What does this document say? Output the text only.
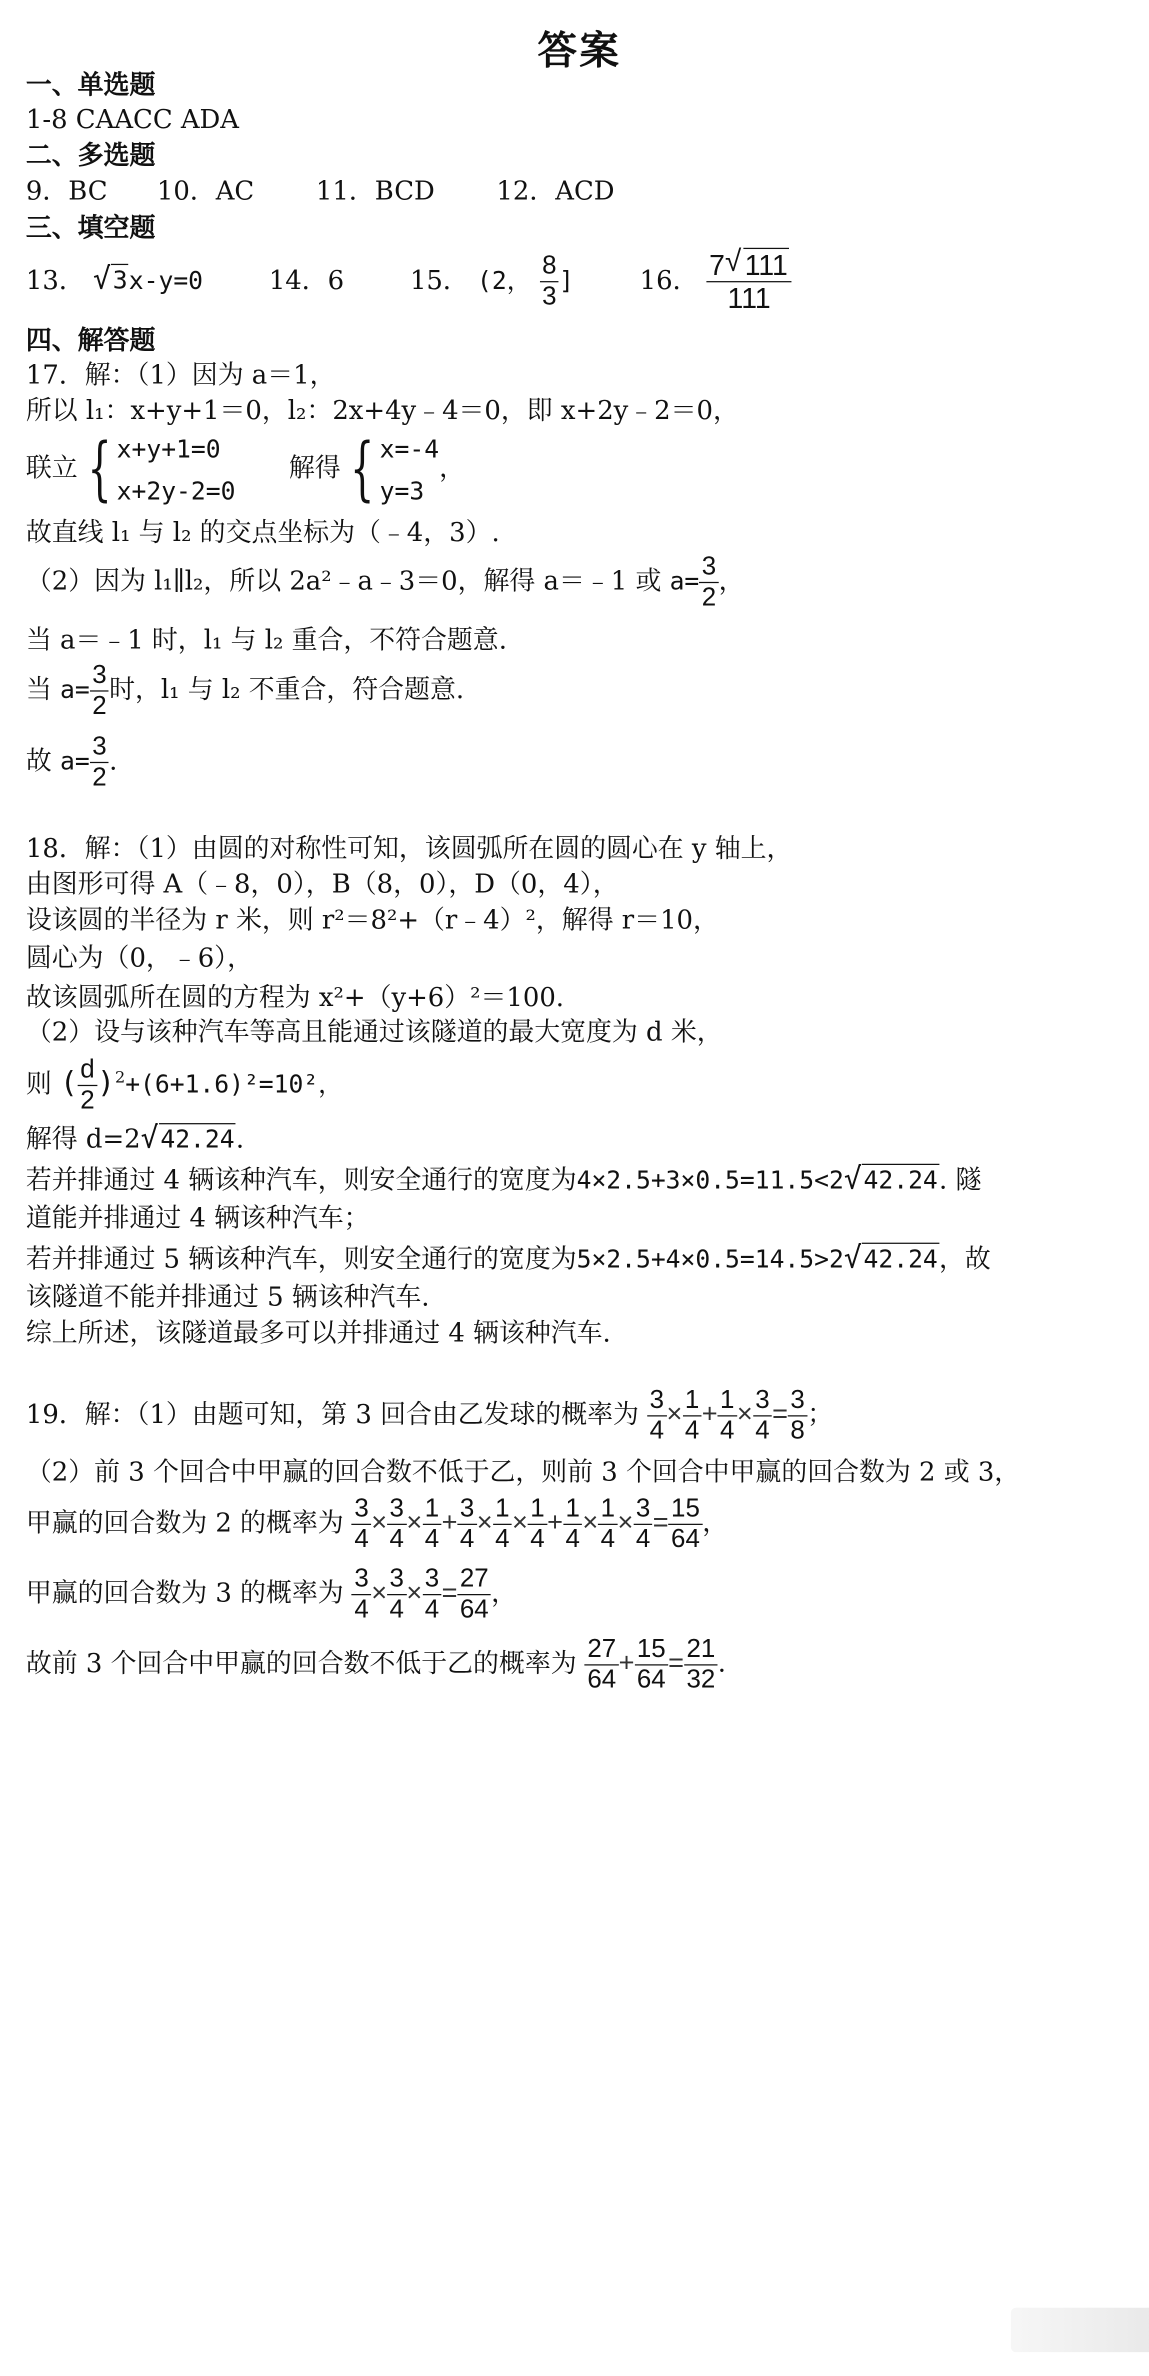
答案
一、单选题
1-8 CAACC ADA
二、多选题
9．BC 10．AC	11．BCD	12．ACD
三、填空题
13． √ 3x-y=0	14．6	15． (2， $\frac{8}{3}$ ]	16． $\frac{7 √ 111}{111}$
四、解答题
17．解：（1）因为 a＝1，
所以 l₁：x+y+1＝0，l₂：2x+4y﹣4＝0，即 x+2y﹣2＝0，
联立 { x+y+1=0
x+2y-2=0
解得 { x=-4
y=3
，
故直线 l₁ 与 l₂ 的交点坐标为（﹣4，3）.
（2）因为 l₁∥l₂，所以 2a²﹣a﹣3＝0，解得 a＝﹣1 或 $a= \frac{3}{2}$ ，
当 a＝﹣1 时，l₁ 与 l₂ 重合，不符合题意.
当 $a= \frac{3}{2}$ 时，l₁ 与 l₂ 不重合，符合题意.
故 $a= \frac{3}{2}$ .
18．解：（1）由圆的对称性可知，该圆弧所在圆的圆心在 y 轴上，
由图形可得 A（﹣8，0），B（8，0），D（0，4），
设该圆的半径为 r 米，则 r²＝8²+（r﹣4）²，解得 r＝10，
圆心为（0，﹣6），
故该圆弧所在圆的方程为 x²+（y+6）²＝100.
（2）设与该种汽车等高且能通过该隧道的最大宽度为 d 米，
则 ( $\frac{d}{2} )^2+(6+1.6)^2=10^2$，
解得 d=2 √ 42.24.
若并排通过 4 辆该种汽车，则安全通行的宽度为4×2.5+3×0.5=11.5<2 √ 42.24. 隧
道能并排通过 4 辆该种汽车；
若并排通过 5 辆该种汽车，则安全通行的宽度为5×2.5+4×0.5=14.5>2 √ 42.24，故
该隧道不能并排通过 5 辆该种汽车.
综上所述，该隧道最多可以并排通过 4 辆该种汽车.
19．解：（1）由题可知，第 3 回合由乙发球的概率为 $\frac{3}{4} \times \frac{1}{4} + \frac{1}{4} \times \frac{3}{4} = \frac{3}{8}$ ；
（2）前 3 个回合中甲赢的回合数不低于乙，则前 3 个回合中甲赢的回合数为 2 或 3，
甲赢的回合数为 2 的概率为 $\frac{3}{4} \times \frac{3}{4} \times \frac{1}{4} + \frac{3}{4} \times \frac{1}{4} \times \frac{1}{4} + \frac{1}{4} \times \frac{1}{4} \times \frac{3}{4} = \frac{15}{64}$ ，
甲赢的回合数为 3 的概率为 $\frac{3}{4} \times \frac{3}{4} \times \frac{3}{4} = \frac{27}{64}$ ，
故前 3 个回合中甲赢的回合数不低于乙的概率为 $\frac{27}{64} + \frac{15}{64} = \frac{21}{32}$ .
